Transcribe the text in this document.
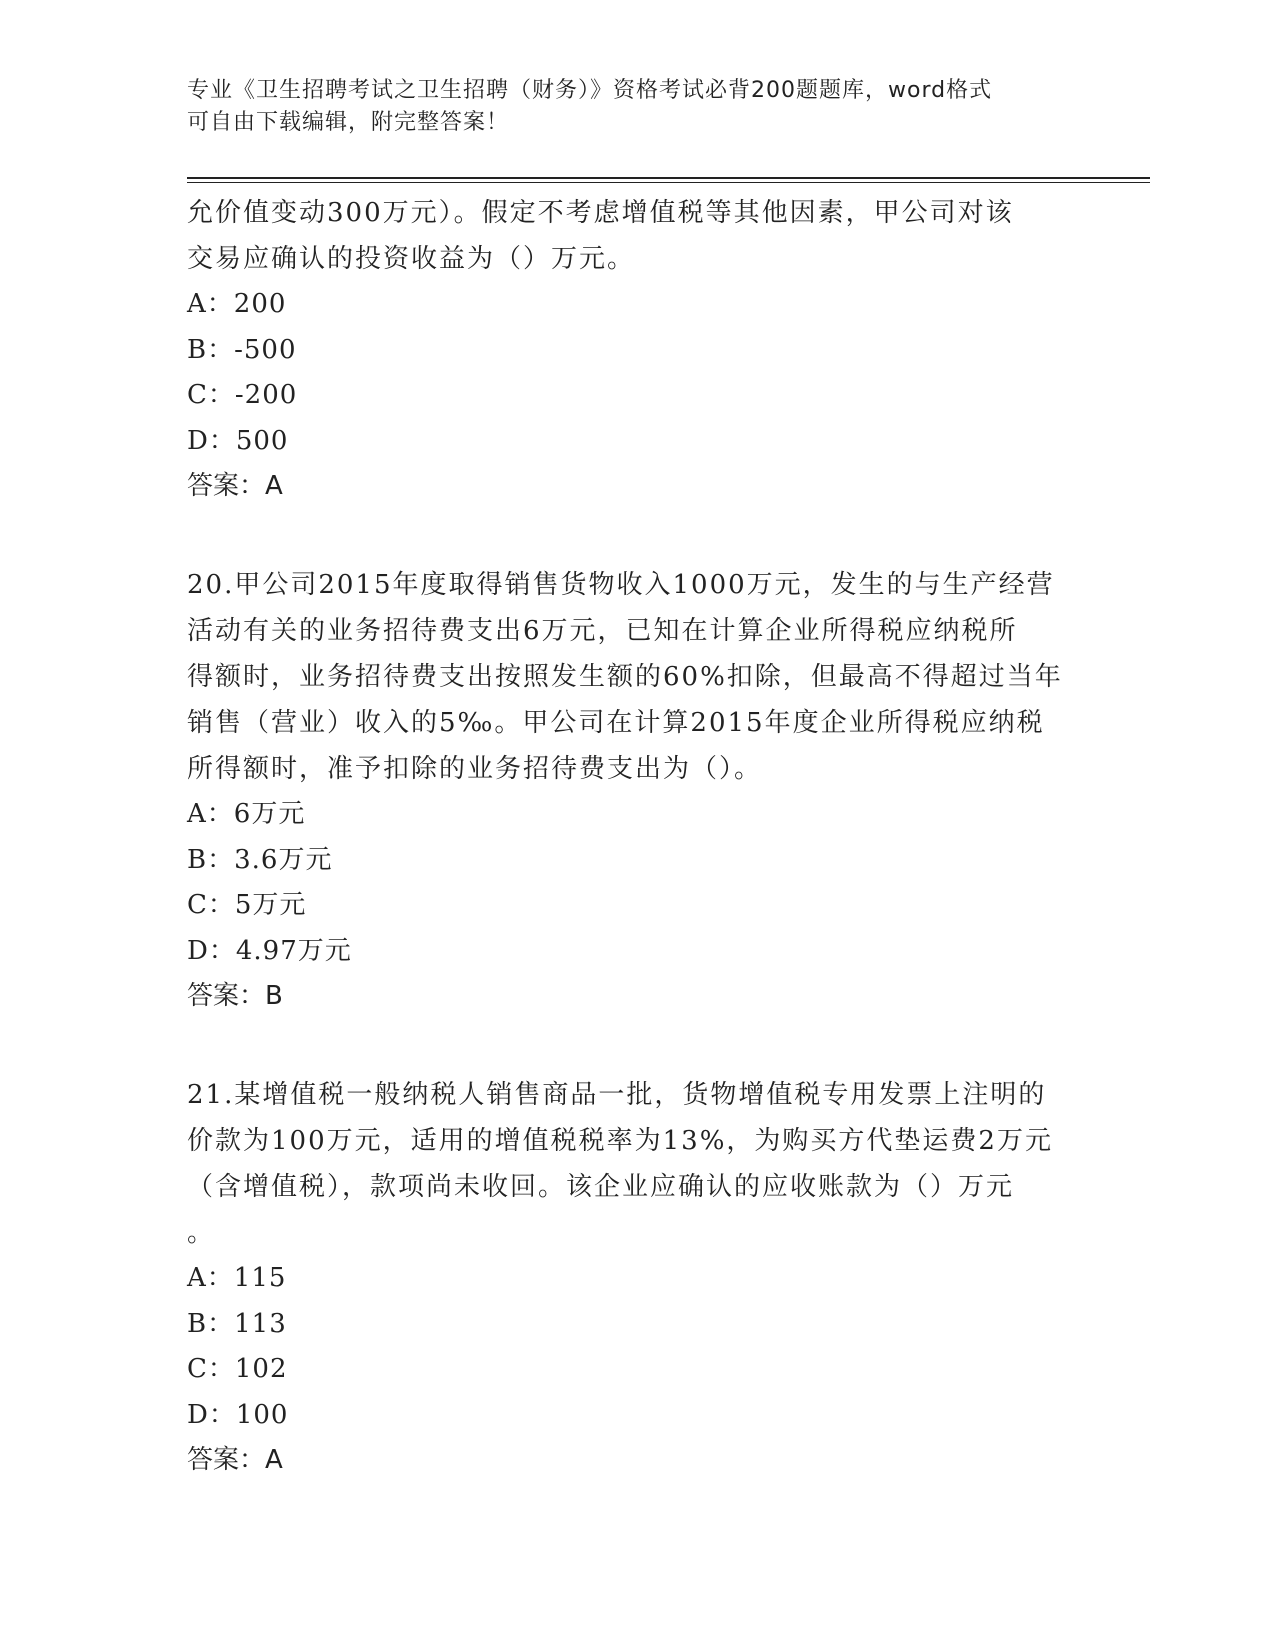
专业《卫生招聘考试之卫生招聘（财务）》资格考试必背200题题库，word格式
可自由下载编辑，附完整答案！

允价值变动300万元）。假定不考虑增值税等其他因素，甲公司对该

交易应确认的投资收益为（）万元。

A：200

B：-500

C：-200

D：500

答案：A

20.甲公司2015年度取得销售货物收入1000万元，发生的与生产经营

活动有关的业务招待费支出6万元，已知在计算企业所得税应纳税所

得额时，业务招待费支出按照发生额的60%扣除，但最高不得超过当年

销售（营业）收入的5‰。甲公司在计算2015年度企业所得税应纳税

所得额时，准予扣除的业务招待费支出为（）。

A：6万元

B：3.6万元

C：5万元

D：4.97万元

答案：B

21.某增值税一般纳税人销售商品一批，货物增值税专用发票上注明的

价款为100万元，适用的增值税税率为13%，为购买方代垫运费2万元

（含增值税），款项尚未收回。该企业应确认的应收账款为（）万元

。

A：115

B：113

C：102

D：100

答案：A
